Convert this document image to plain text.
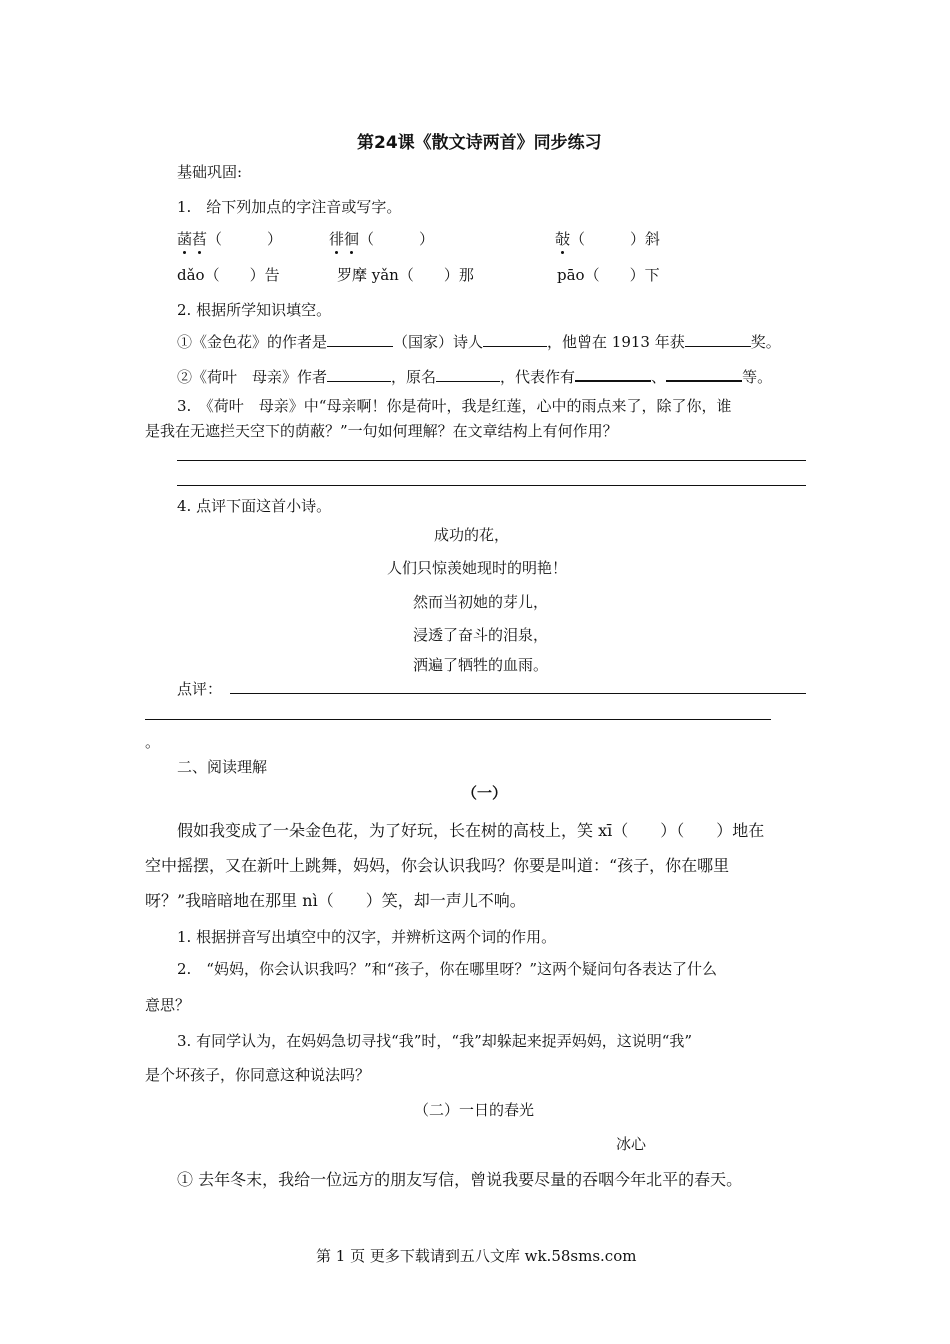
第24课《散文诗两首》同步练习
基础巩固:
1.　给下列加点的字注音或写字。
菡萏（　　　）	徘徊（　　　）	敧（　　　）斜
dǎo（　　）告	罗摩 yǎn（　　）那	pāo（　　）下
2. 根据所学知识填空。
①《金色花》的作者是	（国家）诗人	，他曾在 1913 年获	奖。
②《荷叶　母亲》作者	，原名	，代表作有	、	等。
3.　《荷叶　母亲》中“母亲啊！你是荷叶，我是红莲，心中的雨点来了，除了你，谁
是我在无遮拦天空下的荫蔽？”一句如何理解？在文章结构上有何作用？
4. 点评下面这首小诗。
成功的花，
人们只惊羡她现时的明艳！
然而当初她的芽儿，
浸透了奋斗的泪泉，
洒遍了牺牲的血雨。
点评：
。
二、阅读理解
（一）
假如我变成了一朵金色花，为了好玩，长在树的高枝上，笑 xī（　　）（　　）地在
空中摇摆，又在新叶上跳舞，妈妈，你会认识我吗？你要是叫道：“孩子，你在哪里
呀？”我暗暗地在那里 nì（　　）笑，却一声儿不响。
1. 根据拼音写出填空中的汉字，并辨析这两个词的作用。
2.　“妈妈，你会认识我吗？”和“孩子，你在哪里呀？”这两个疑问句各表达了什么
意思？
3. 有同学认为，在妈妈急切寻找“我”时，“我”却躲起来捉弄妈妈，这说明“我”
是个坏孩子，你同意这种说法吗？
（二）一日的春光
冰心
① 去年冬末，我给一位远方的朋友写信，曾说我要尽量的吞咽今年北平的春天。
第 1 页 更多下载请到五八文库 wk.58sms.com
